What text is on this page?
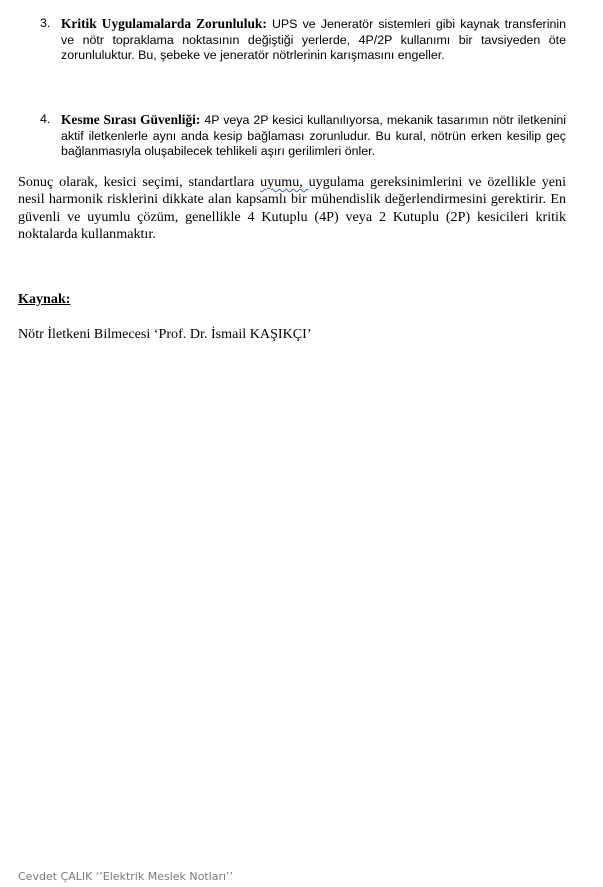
3. Kritik Uygulamalarda Zorunluluk: UPS ve Jeneratör sistemleri gibi kaynak transferinin ve nötr topraklama noktasının değiştiği yerlerde, 4P/2P kullanımı bir tavsiyeden öte zorunluluktur. Bu, şebeke ve jeneratör nötrlerinin karışmasını engeller.
4. Kesme Sırası Güvenliği: 4P veya 2P kesici kullanılıyorsa, mekanik tasarımın nötr iletkenini aktif iletkenlerle aynı anda kesip bağlaması zorunludur. Bu kural, nötrün erken kesilip geç bağlanmasıyla oluşabilecek tehlikeli aşırı gerilimleri önler.

Sonuç olarak, kesici seçimi, standartlara uyumu, uygulama gereksinimlerini ve özellikle yeni nesil harmonik risklerini dikkate alan kapsamlı bir mühendislik değerlendirmesini gerektirir. En güvenli ve uyumlu çözüm, genellikle 4 Kutuplu (4P) veya 2 Kutuplu (2P) kesicileri kritik noktalarda kullanmaktır.

Kaynak:
Nötr İletkeni Bilmecesi ‘Prof. Dr. İsmail KAŞIKÇI’
Cevdet ÇALIK ‘’Elektrik Meslek Notları’’
